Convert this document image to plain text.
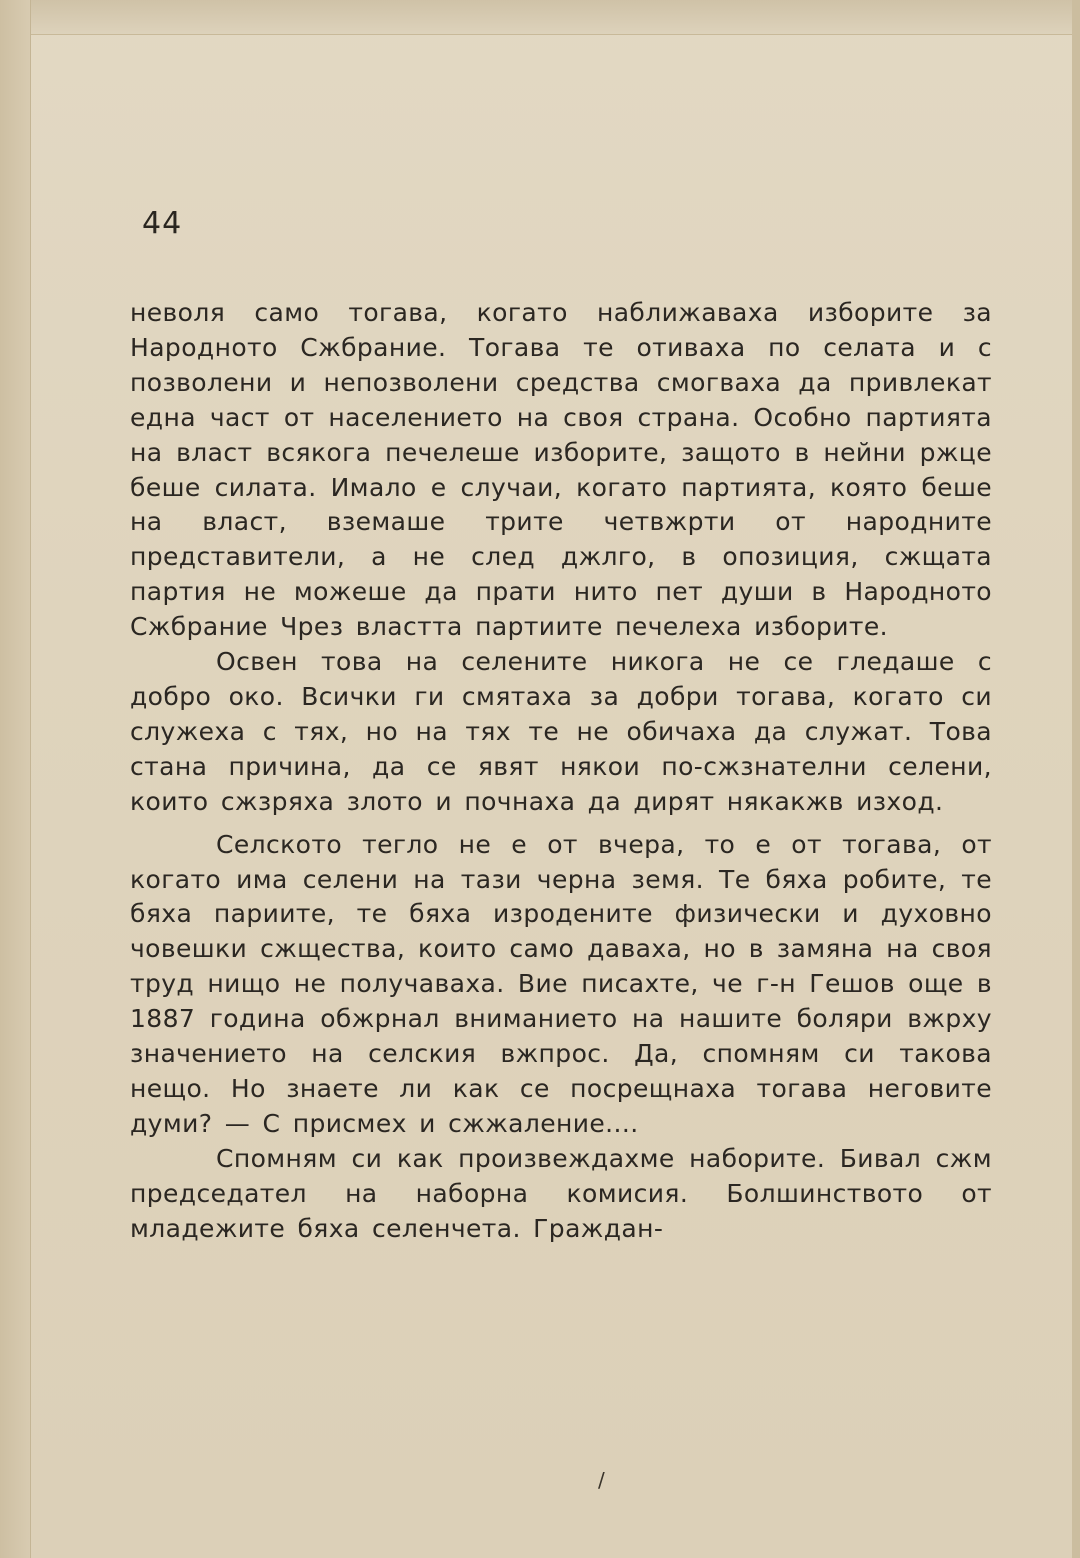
44

неволя само тогава, когато наближаваха изборите за Народното Сжбрание. Тогава те отиваха по селата и с позволени и непозволени средства смогваха да привлекат една част от населението на своя страна. Особно партията на власт всякога печелеше изборите, защото в нейни ржце беше силата. Имало е случаи, когато партията, която беше на власт, вземаше трите четвжрти от народните представители, а не след джлго, в опозиция, сжщата партия не можеше да прати нито пет души в Народното Сжбрание Чрез властта партиите печелеха изборите.

Освен това на селените никога не се гледаше с добро око. Всички ги смятаха за добри тогава, когато си служеха с тях, но на тях те не обичаха да служат. Това стана причина, да се явят някои по-сжзнателни селени, които сжзряха злото и почнаха да дирят някакжв изход.

Селското тегло не е от вчера, то е от тогава, от когато има селени на тази черна земя. Те бяха робите, те бяха париите, те бяха изродените физически и духовно човешки сжщества, които само даваха, но в замяна на своя труд нищо не получаваха. Вие писахте, че г-н Гешов още в 1887 година обжрнал вниманието на нашите боляри вжрху значението на селския вжпрос. Да, спомням си такова нещо. Но знаете ли как се посрещнаха тогава неговите думи? — С присмех и сжжаление....

Спомням си как произвеждахме наборите. Бивал сжм председател на наборна комисия. Болшинството от младежите бяха селенчета. Граждан-

/
